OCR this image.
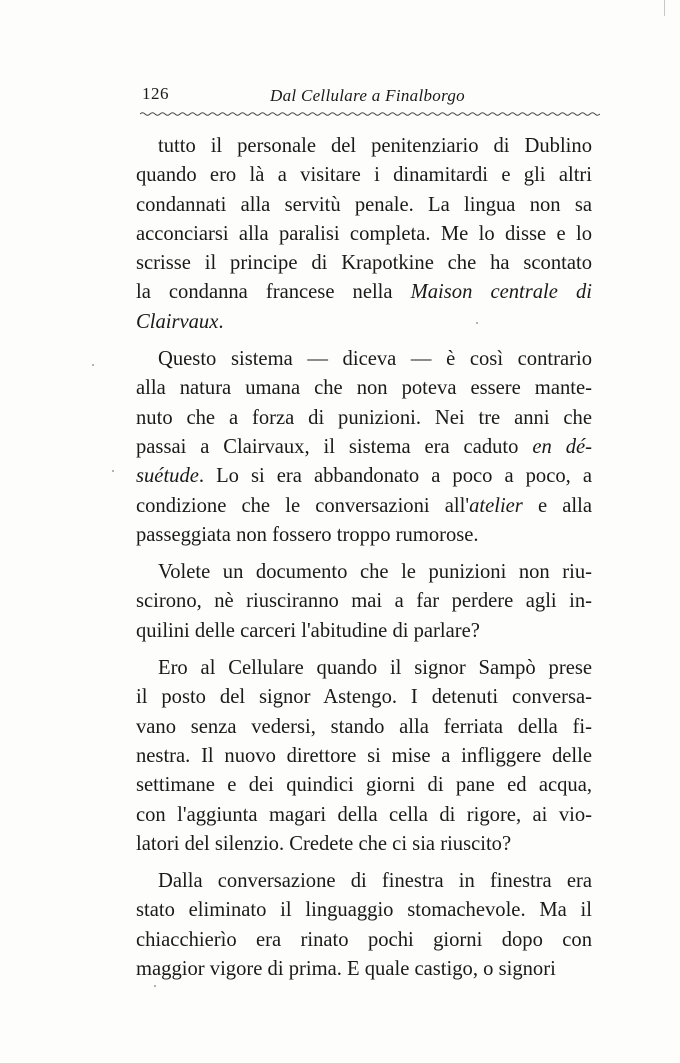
126	Dal Cellulare a Finalborgo
tutto il personale del penitenziario di Dublino
quando ero là a visitare i dinamitardi e gli altri
condannati alla servitù penale. La lingua non sa
acconciarsi alla paralisi completa. Me lo disse e lo
scrisse il principe di Krapotkine che ha scontato
la condanna francese nella Maison centrale di
Clairvaux.
Questo sistema — diceva — è così contrario
alla natura umana che non poteva essere mante-
nuto che a forza di punizioni. Nei tre anni che
passai a Clairvaux, il sistema era caduto en dé-
suétude. Lo si era abbandonato a poco a poco, a
condizione che le conversazioni all'atelier e alla
passeggiata non fossero troppo rumorose.
Volete un documento che le punizioni non riu-
scirono, nè riusciranno mai a far perdere agli in-
quilini delle carceri l'abitudine di parlare?
Ero al Cellulare quando il signor Sampò prese
il posto del signor Astengo. I detenuti conversa-
vano senza vedersi, stando alla ferriata della fi-
nestra. Il nuovo direttore si mise a infliggere delle
settimane e dei quindici giorni di pane ed acqua,
con l'aggiunta magari della cella di rigore, ai vio-
latori del silenzio. Credete che ci sia riuscito?
Dalla conversazione di finestra in finestra era
stato eliminato il linguaggio stomachevole. Ma il
chiacchierìo era rinato pochi giorni dopo con
maggior vigore di prima. E quale castigo, o signori
